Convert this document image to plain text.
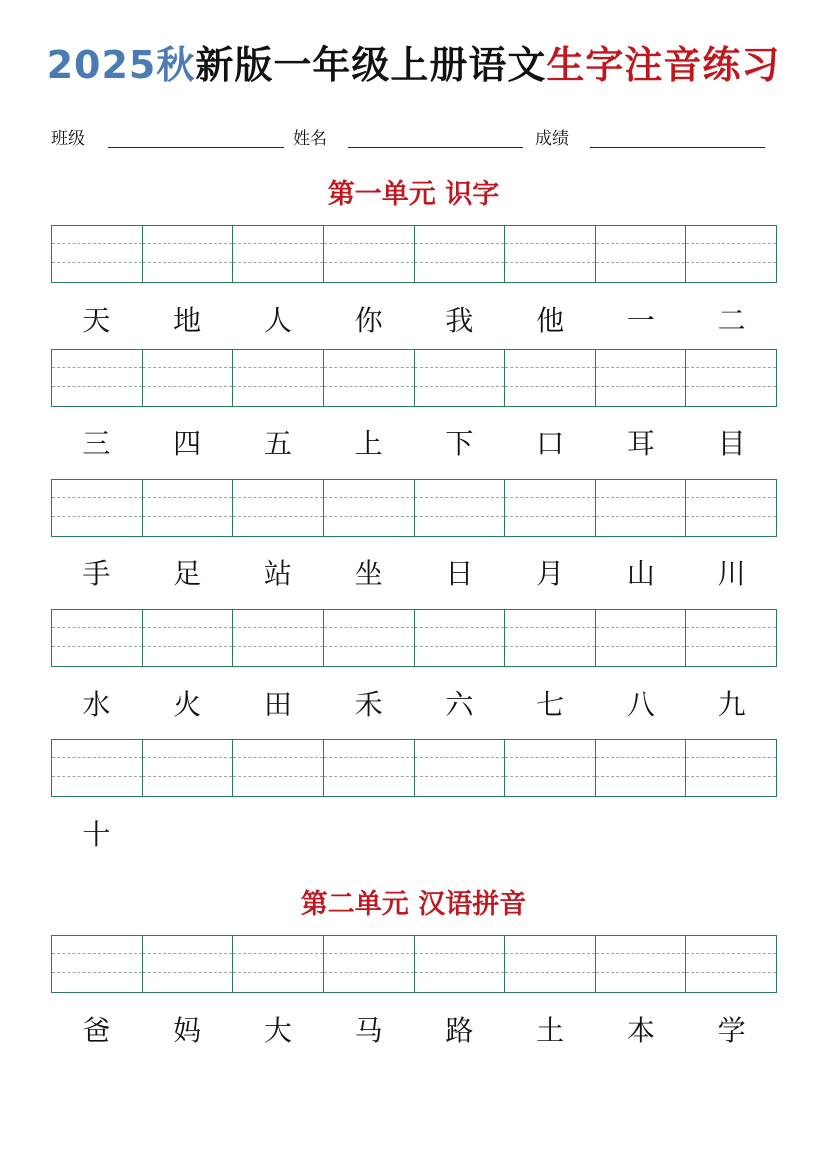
2025秋新版一年级上册语文生字注音练习
班级	姓名	成绩
第一单元 识字
天	地	人	你	我	他	一	二
三	四	五	上	下	口	耳	目
手	足	站	坐	日	月	山	川
水	火	田	禾	六	七	八	九
十
第二单元 汉语拼音
爸	妈	大	马	路	土	本	学
